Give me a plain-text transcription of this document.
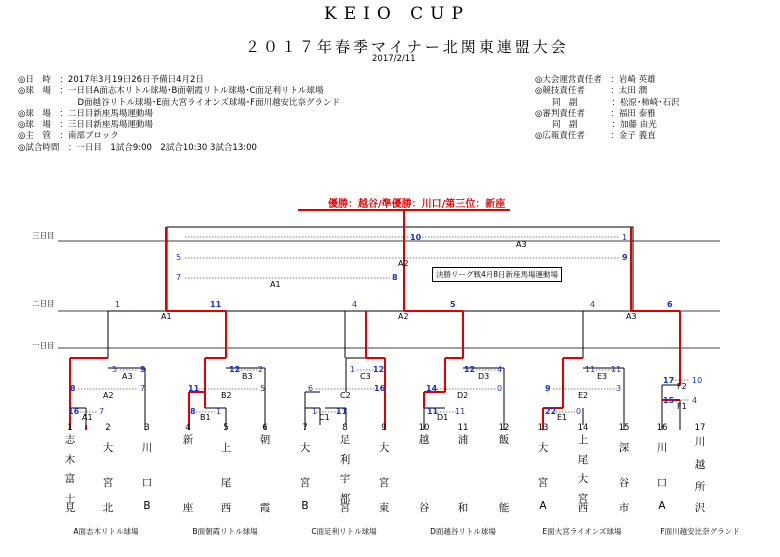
KEIO CUP
２０１７年春季マイナー北関東連盟大会
2017/2/11
◎日　時　：2017年3月19日26日予備日4月2日
◎球　場　：一日目A面志木リトル球場･B面朝霞リトル球場･C面足利リトル球場
　　　　　　　D面越谷リトル球場･E面大宮ライオンズ球場･F面川越安比奈グランド
◎球　場　：二日目新座馬場運動場
◎球　場　：三日目新座馬場運動場
◎主　管　：南部ブロック
◎試合時間　：一日目　1試合9:00　2試合10:30 3試合13:00
◎大会運営責任者　：岩崎 英雄
◎競技責任者　　　：太田 潤
　　同　副　　　　：松原･柿崎･石沢
◎審判責任者　　　：福田 泰雅
　　同　副　　　　：加藤 由光
◎広報責任者　　　：金子 義直
優勝：越谷/準優勝：川口/第三位：新座
三日目
二日目
一日目
決勝リーグ戦4月8日新座馬場運動場
A1	A2	A3
1	11	4	5	4	6
10
A3
1
5
A2
9
7
A1
8
16 7
A1
8	7
A2
5	9
A3
8	1
B1
11	5
B2
12 2
B3
1 11
C1
6	16
C2
1 12
C3
11 11
D1
14	0
D2
12	4
D3
22 0
E1
9	3
E2
11 11
E3
15 4
F1
17 10
F2
1
志木富士
見
2
大宮
北
3
川口
B
4
新
座
5
上尾
西
6
朝
霞
7
大宮
B
8
足利宇都
宮
9
大宮
東
10
越
谷
11
浦
和
12
飯
能
13
大宮
A
14
上尾大宮
西
15
深谷
市
16
川口
A
17
川越所
沢
A面志木リトル球場	B面朝霞リトル球場	C面足利リトル球場	D面越谷リトル球場	E面大宮ライオンズ球場	F面川越安比奈グランド
